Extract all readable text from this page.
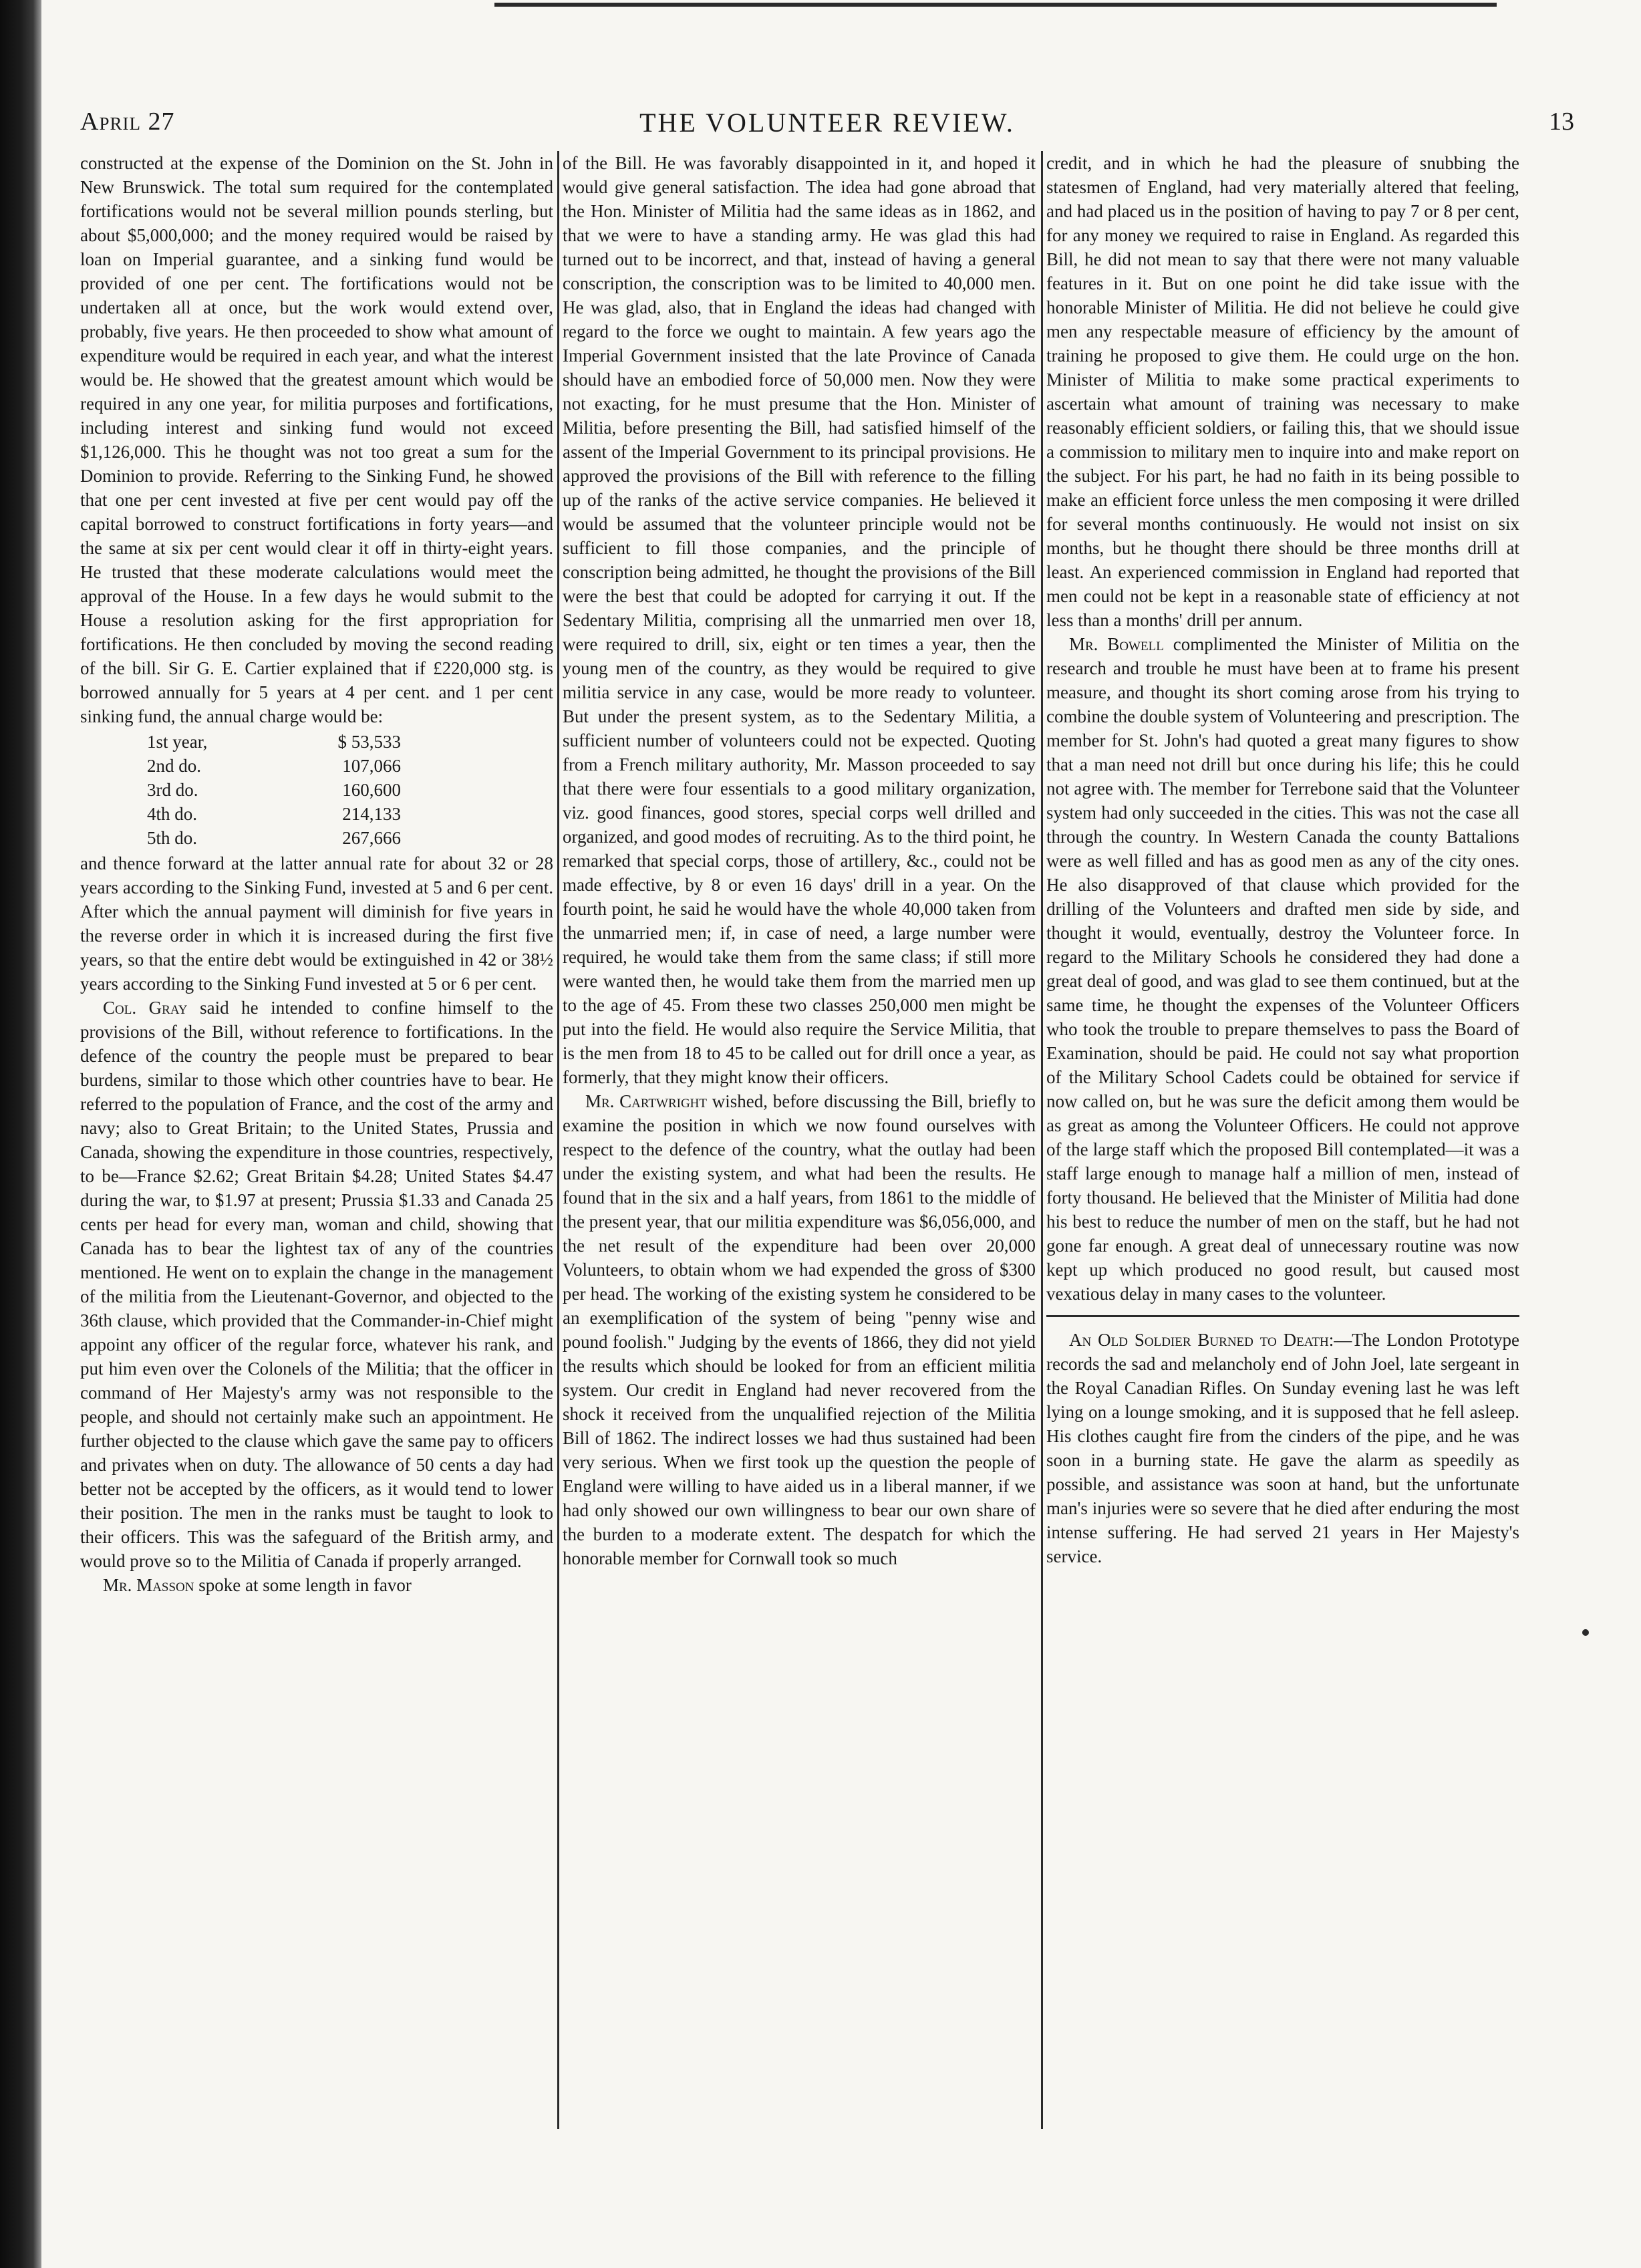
April 27	THE VOLUNTEER REVIEW.	13

constructed at the expense of the Dominion on the St. John in New Brunswick. The total sum required for the contemplated fortifications would not be several million pounds sterling, but about $5,000,000; and the money required would be raised by loan on Imperial guarantee, and a sinking fund would be provided of one per cent. The fortifications would not be undertaken all at once, but the work would extend over, probably, five years. He then proceeded to show what amount of expenditure would be required in each year, and what the interest would be. He showed that the greatest amount which would be required in any one year, for militia purposes and fortifications, including interest and sinking fund would not exceed $1,126,000. This he thought was not too great a sum for the Dominion to provide. Referring to the Sinking Fund, he showed that one per cent invested at five per cent would pay off the capital borrowed to construct fortifications in forty years—and the same at six per cent would clear it off in thirty-eight years. He trusted that these moderate calculations would meet the approval of the House. In a few days he would submit to the House a resolution asking for the first appropriation for fortifications. He then concluded by moving the second reading of the bill. Sir G. E. Cartier explained that if £220,000 stg. is borrowed annually for 5 years at 4 per cent. and 1 per cent sinking fund, the annual charge would be:

1st year,	$ 53,533
2nd do.	107,066
3rd do.	160,600
4th do.	214,133
5th do.	267,666

and thence forward at the latter annual rate for about 32 or 28 years according to the Sinking Fund, invested at 5 and 6 per cent. After which the annual payment will diminish for five years in the reverse order in which it is increased during the first five years, so that the entire debt would be extinguished in 42 or 38½ years according to the Sinking Fund invested at 5 or 6 per cent.

Col. Gray said he intended to confine himself to the provisions of the Bill, without reference to fortifications. In the defence of the country the people must be prepared to bear burdens, similar to those which other countries have to bear. He referred to the population of France, and the cost of the army and navy; also to Great Britain; to the United States, Prussia and Canada, showing the expenditure in those countries, respectively, to be—France $2.62; Great Britain $4.28; United States $4.47 during the war, to $1.97 at present; Prussia $1.33 and Canada 25 cents per head for every man, woman and child, showing that Canada has to bear the lightest tax of any of the countries mentioned. He went on to explain the change in the management of the militia from the Lieutenant-Governor, and objected to the 36th clause, which provided that the Commander-in-Chief might appoint any officer of the regular force, whatever his rank, and put him even over the Colonels of the Militia; that the officer in command of Her Majesty's army was not responsible to the people, and should not certainly make such an appointment. He further objected to the clause which gave the same pay to officers and privates when on duty. The allowance of 50 cents a day had better not be accepted by the officers, as it would tend to lower their position. The men in the ranks must be taught to look to their officers. This was the safeguard of the British army, and would prove so to the Militia of Canada if properly arranged.

Mr. Masson spoke at some length in favor

of the Bill. He was favorably disappointed in it, and hoped it would give general satisfaction. The idea had gone abroad that the Hon. Minister of Militia had the same ideas as in 1862, and that we were to have a standing army. He was glad this had turned out to be incorrect, and that, instead of having a general conscription, the conscription was to be limited to 40,000 men. He was glad, also, that in England the ideas had changed with regard to the force we ought to maintain. A few years ago the Imperial Government insisted that the late Province of Canada should have an embodied force of 50,000 men. Now they were not exacting, for he must presume that the Hon. Minister of Militia, before presenting the Bill, had satisfied himself of the assent of the Imperial Government to its principal provisions. He approved the provisions of the Bill with reference to the filling up of the ranks of the active service companies. He believed it would be assumed that the volunteer principle would not be sufficient to fill those companies, and the principle of conscription being admitted, he thought the provisions of the Bill were the best that could be adopted for carrying it out. If the Sedentary Militia, comprising all the unmarried men over 18, were required to drill, six, eight or ten times a year, then the young men of the country, as they would be required to give militia service in any case, would be more ready to volunteer. But under the present system, as to the Sedentary Militia, a sufficient number of volunteers could not be expected. Quoting from a French military authority, Mr. Masson proceeded to say that there were four essentials to a good military organization, viz. good finances, good stores, special corps well drilled and organized, and good modes of recruiting. As to the third point, he remarked that special corps, those of artillery, &c., could not be made effective, by 8 or even 16 days' drill in a year. On the fourth point, he said he would have the whole 40,000 taken from the unmarried men; if, in case of need, a large number were required, he would take them from the same class; if still more were wanted then, he would take them from the married men up to the age of 45. From these two classes 250,000 men might be put into the field. He would also require the Service Militia, that is the men from 18 to 45 to be called out for drill once a year, as formerly, that they might know their officers.

Mr. Cartwright wished, before discussing the Bill, briefly to examine the position in which we now found ourselves with respect to the defence of the country, what the outlay had been under the existing system, and what had been the results. He found that in the six and a half years, from 1861 to the middle of the present year, that our militia expenditure was $6,056,000, and the net result of the expenditure had been over 20,000 Volunteers, to obtain whom we had expended the gross of $300 per head. The working of the existing system he considered to be an exemplification of the system of being "penny wise and pound foolish." Judging by the events of 1866, they did not yield the results which should be looked for from an efficient militia system. Our credit in England had never recovered from the shock it received from the unqualified rejection of the Militia Bill of 1862. The indirect losses we had thus sustained had been very serious. When we first took up the question the people of England were willing to have aided us in a liberal manner, if we had only showed our own willingness to bear our own share of the burden to a moderate extent. The despatch for which the honorable member for Cornwall took so much

credit, and in which he had the pleasure of snubbing the statesmen of England, had very materially altered that feeling, and had placed us in the position of having to pay 7 or 8 per cent, for any money we required to raise in England. As regarded this Bill, he did not mean to say that there were not many valuable features in it. But on one point he did take issue with the honorable Minister of Militia. He did not believe he could give men any respectable measure of efficiency by the amount of training he proposed to give them. He could urge on the hon. Minister of Militia to make some practical experiments to ascertain what amount of training was necessary to make reasonably efficient soldiers, or failing this, that we should issue a commission to military men to inquire into and make report on the subject. For his part, he had no faith in its being possible to make an efficient force unless the men composing it were drilled for several months continuously. He would not insist on six months, but he thought there should be three months drill at least. An experienced commission in England had reported that men could not be kept in a reasonable state of efficiency at not less than a months' drill per annum.

Mr. Bowell complimented the Minister of Militia on the research and trouble he must have been at to frame his present measure, and thought its short coming arose from his trying to combine the double system of Volunteering and prescription. The member for St. John's had quoted a great many figures to show that a man need not drill but once during his life; this he could not agree with. The member for Terrebone said that the Volunteer system had only succeeded in the cities. This was not the case all through the country. In Western Canada the county Battalions were as well filled and has as good men as any of the city ones. He also disapproved of that clause which provided for the drilling of the Volunteers and drafted men side by side, and thought it would, eventually, destroy the Volunteer force. In regard to the Military Schools he considered they had done a great deal of good, and was glad to see them continued, but at the same time, he thought the expenses of the Volunteer Officers who took the trouble to prepare themselves to pass the Board of Examination, should be paid. He could not say what proportion of the Military School Cadets could be obtained for service if now called on, but he was sure the deficit among them would be as great as among the Volunteer Officers. He could not approve of the large staff which the proposed Bill contemplated—it was a staff large enough to manage half a million of men, instead of forty thousand. He believed that the Minister of Militia had done his best to reduce the number of men on the staff, but he had not gone far enough. A great deal of unnecessary routine was now kept up which produced no good result, but caused most vexatious delay in many cases to the volunteer.

An Old Soldier Burned to Death:—The London Prototype records the sad and melancholy end of John Joel, late sergeant in the Royal Canadian Rifles. On Sunday evening last he was left lying on a lounge smoking, and it is supposed that he fell asleep. His clothes caught fire from the cinders of the pipe, and he was soon in a burning state. He gave the alarm as speedily as possible, and assistance was soon at hand, but the unfortunate man's injuries were so severe that he died after enduring the most intense suffering. He had served 21 years in Her Majesty's service.
